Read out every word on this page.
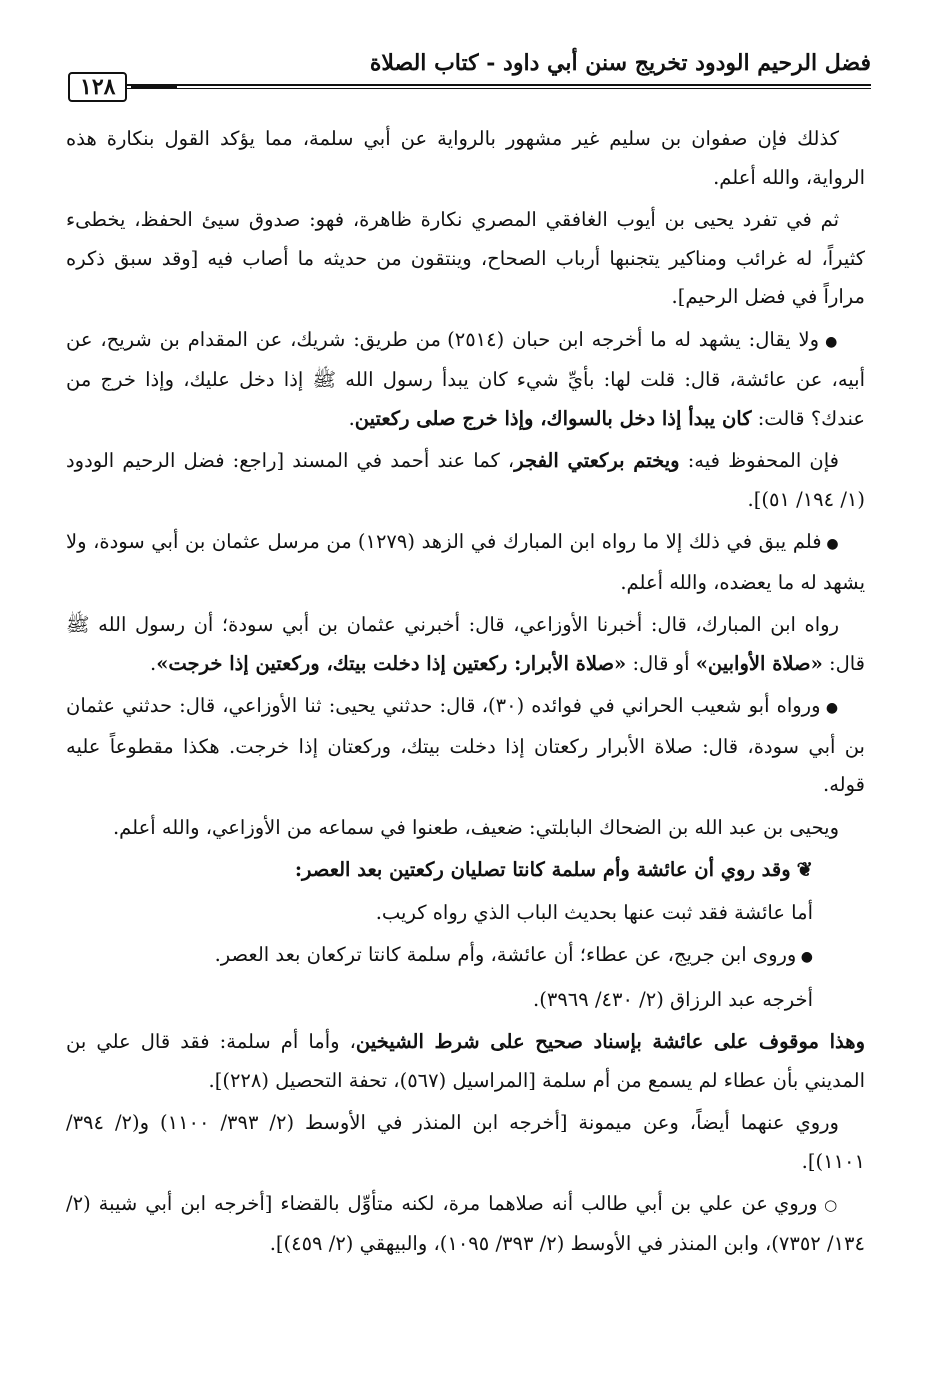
فضل الرحيم الودود تخريج سنن أبي داود - كتاب الصلاة
١٢٨

كذلك فإن صفوان بن سليم غير مشهور بالرواية عن أبي سلمة، مما يؤكد القول بنكارة هذه الرواية، والله أعلم.

ثم في تفرد يحيى بن أيوب الغافقي المصري نكارة ظاهرة، فهو: صدوق سيئ الحفظ، يخطىء كثيراً، له غرائب ومناكير يتجنبها أرباب الصحاح، وينتقون من حديثه ما أصاب فيه [وقد سبق ذكره مراراً في فضل الرحيم].

● ولا يقال: يشهد له ما أخرجه ابن حبان (٢٥١٤) من طريق: شريك، عن المقدام بن شريح، عن أبيه، عن عائشة، قال: قلت لها: بأيِّ شيء كان يبدأ رسول الله ﷺ إذا دخل عليك، وإذا خرج من عندك؟ قالت: كان يبدأ إذا دخل بالسواك، وإذا خرج صلى ركعتين.

فإن المحفوظ فيه: ويختم بركعتي الفجر، كما عند أحمد في المسند [راجع: فضل الرحيم الودود (١/ ١٩٤/ ٥١)].

● فلم يبق في ذلك إلا ما رواه ابن المبارك في الزهد (١٢٧٩) من مرسل عثمان بن أبي سودة، ولا يشهد له ما يعضده، والله أعلم.

رواه ابن المبارك، قال: أخبرنا الأوزاعي، قال: أخبرني عثمان بن أبي سودة؛ أن رسول الله ﷺ قال: «صلاة الأوابين» أو قال: «صلاة الأبرار: ركعتين إذا دخلت بيتك، وركعتين إذا خرجت».

● ورواه أبو شعيب الحراني في فوائده (٣٠)، قال: حدثني يحيى: ثنا الأوزاعي، قال: حدثني عثمان بن أبي سودة، قال: صلاة الأبرار ركعتان إذا دخلت بيتك، وركعتان إذا خرجت. هكذا مقطوعاً عليه قوله.

ويحيى بن عبد الله بن الضحاك البابلتي: ضعيف، طعنوا في سماعه من الأوزاعي، والله أعلم.

❦وقد روي أن عائشة وأم سلمة كانتا تصليان ركعتين بعد العصر:

أما عائشة فقد ثبت عنها بحديث الباب الذي رواه كريب.

● وروى ابن جريج، عن عطاء؛ أن عائشة، وأم سلمة كانتا تركعان بعد العصر.

أخرجه عبد الرزاق (٢/ ٤٣٠/ ٣٩٦٩).

وهذا موقوف على عائشة بإسناد صحيح على شرط الشيخين، وأما أم سلمة: فقد قال علي بن المديني بأن عطاء لم يسمع من أم سلمة [المراسيل (٥٦٧)، تحفة التحصيل (٢٢٨)].

وروي عنهما أيضاً، وعن ميمونة [أخرجه ابن المنذر في الأوسط (٢/ ٣٩٣/ ١١٠٠) و(٢/ ٣٩٤/ ١١٠١)].

○ وروي عن علي بن أبي طالب أنه صلاهما مرة، لكنه متأوِّل بالقضاء [أخرجه ابن أبي شيبة (٢/ ١٣٤/ ٧٣٥٢)، وابن المنذر في الأوسط (٢/ ٣٩٣/ ١٠٩٥)، والبيهقي (٢/ ٤٥٩)].
